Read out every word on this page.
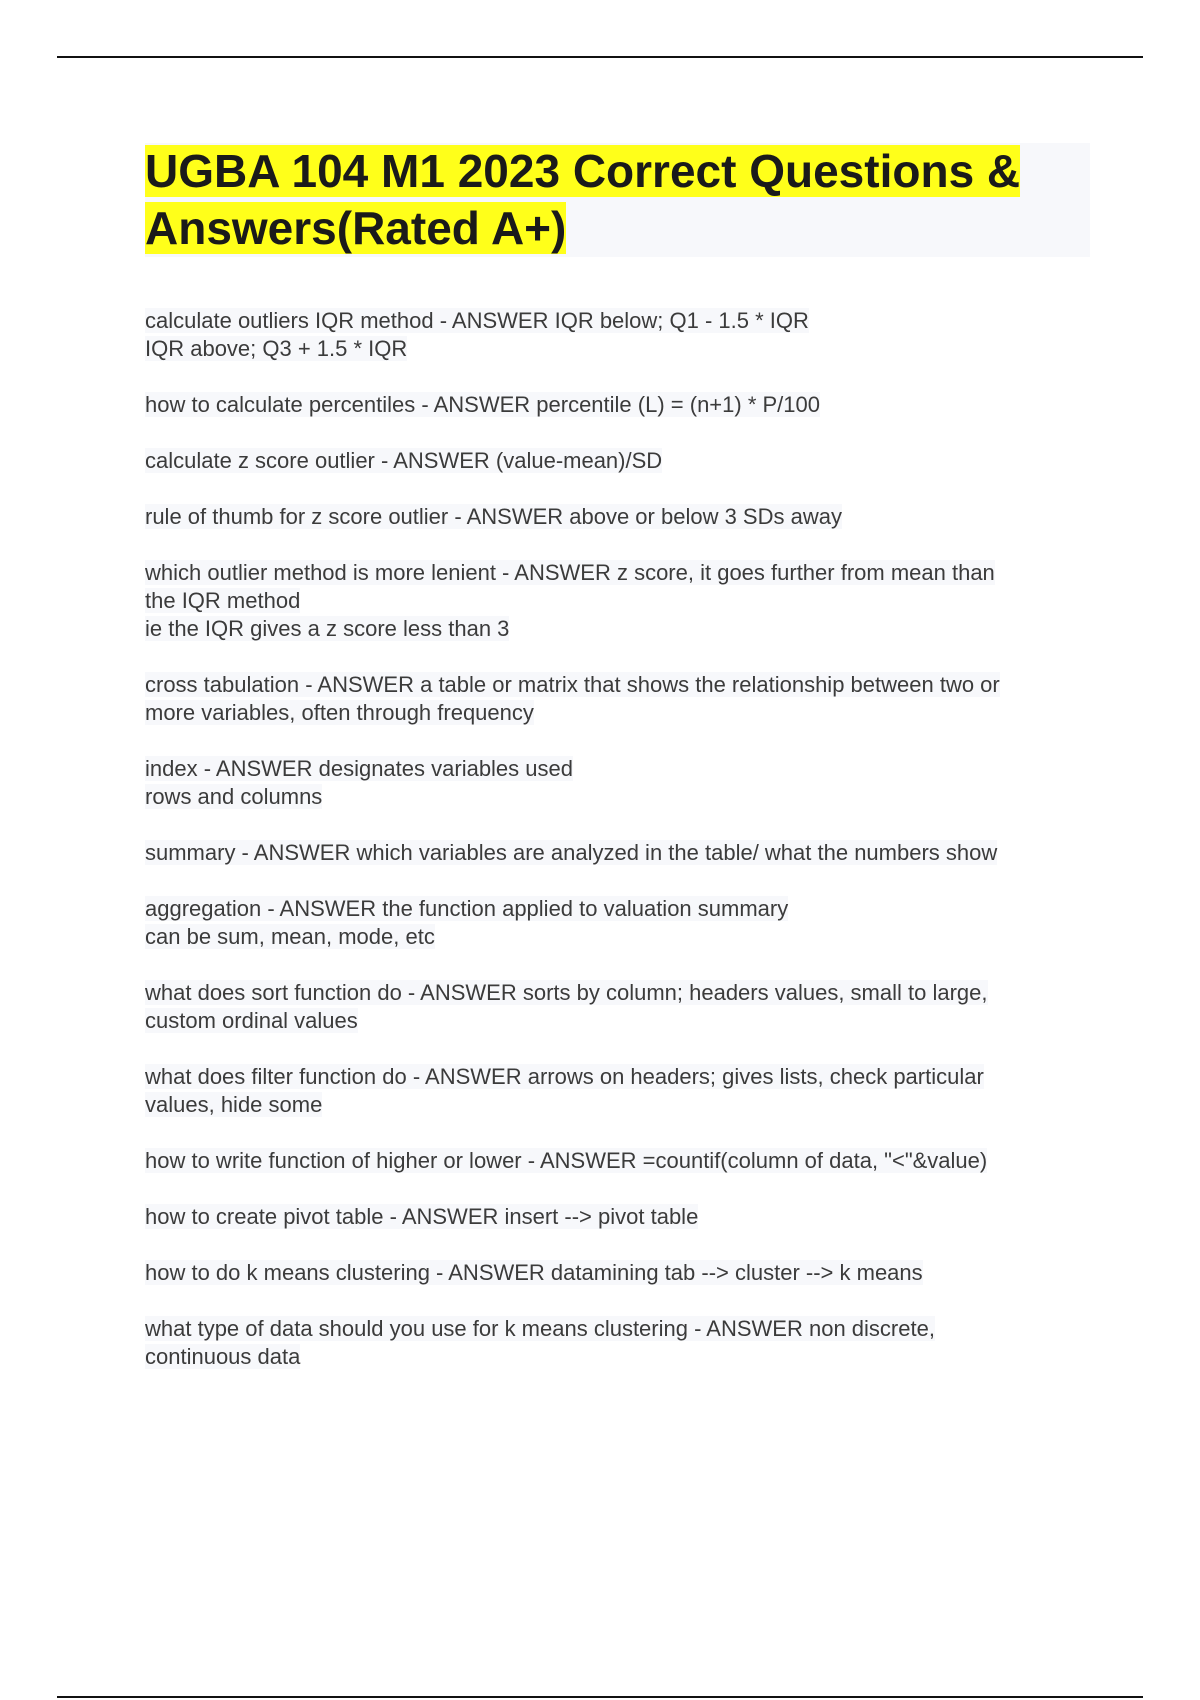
UGBA 104 M1 2023 Correct Questions & Answers(Rated A+)
calculate outliers IQR method - ANSWER IQR below; Q1 - 1.5 * IQR
IQR above; Q3 + 1.5 * IQR
how to calculate percentiles - ANSWER percentile (L) = (n+1) * P/100
calculate z score outlier - ANSWER (value-mean)/SD
rule of thumb for z score outlier - ANSWER above or below 3 SDs away
which outlier method is more lenient - ANSWER z score, it goes further from mean than
the IQR method
ie the IQR gives a z score less than 3
cross tabulation - ANSWER a table or matrix that shows the relationship between two or
more variables, often through frequency
index - ANSWER designates variables used
rows and columns
summary - ANSWER which variables are analyzed in the table/ what the numbers show
aggregation - ANSWER the function applied to valuation summary
can be sum, mean, mode, etc
what does sort function do - ANSWER sorts by column; headers values, small to large,
custom ordinal values
what does filter function do - ANSWER arrows on headers; gives lists, check particular
values, hide some
how to write function of higher or lower - ANSWER =countif(column of data, "<"&value)
how to create pivot table - ANSWER insert --> pivot table
how to do k means clustering - ANSWER datamining tab --> cluster --> k means
what type of data should you use for k means clustering - ANSWER non discrete,
continuous data
